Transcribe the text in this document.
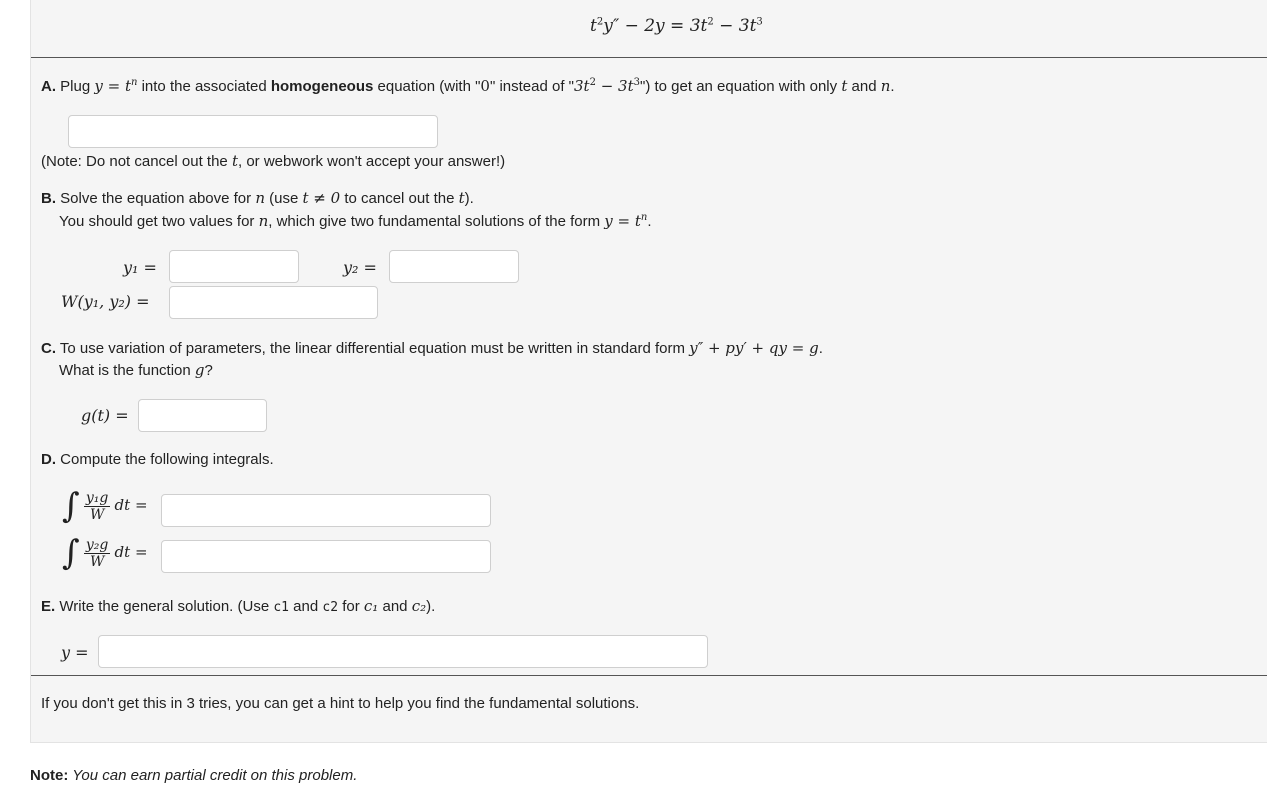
$t^2y'' - 2y = 3t^2 - 3t^3$
A. Plug $y = t^n$ into the associated homogeneous equation (with "0" instead of "$3t^2$ − $3t^3$") to get an equation with only t and n.
(Note: Do not cancel out the t, or webwork won't accept your answer!)
B. Solve the equation above for n (use t ≠ 0 to cancel out the t).
You should get two values for n, which give two fundamental solutions of the form $y = t^n$.
y₁ =	y₂ =
W(y₁, y₂) =
C. To use variation of parameters, the linear differential equation must be written in standard form y″ + py′ + qy = g.
What is the function g?
g(t) =
D. Compute the following integrals.
∫ $\frac{\text{y₁g}}{W}$ dt =
∫ $\frac{\text{y₂g}}{W}$ dt =
E. Write the general solution. (Use c1 and c2 for c₁ and c₂).
y =
If you don't get this in 3 tries, you can get a hint to help you find the fundamental solutions.
Note: You can earn partial credit on this problem.
